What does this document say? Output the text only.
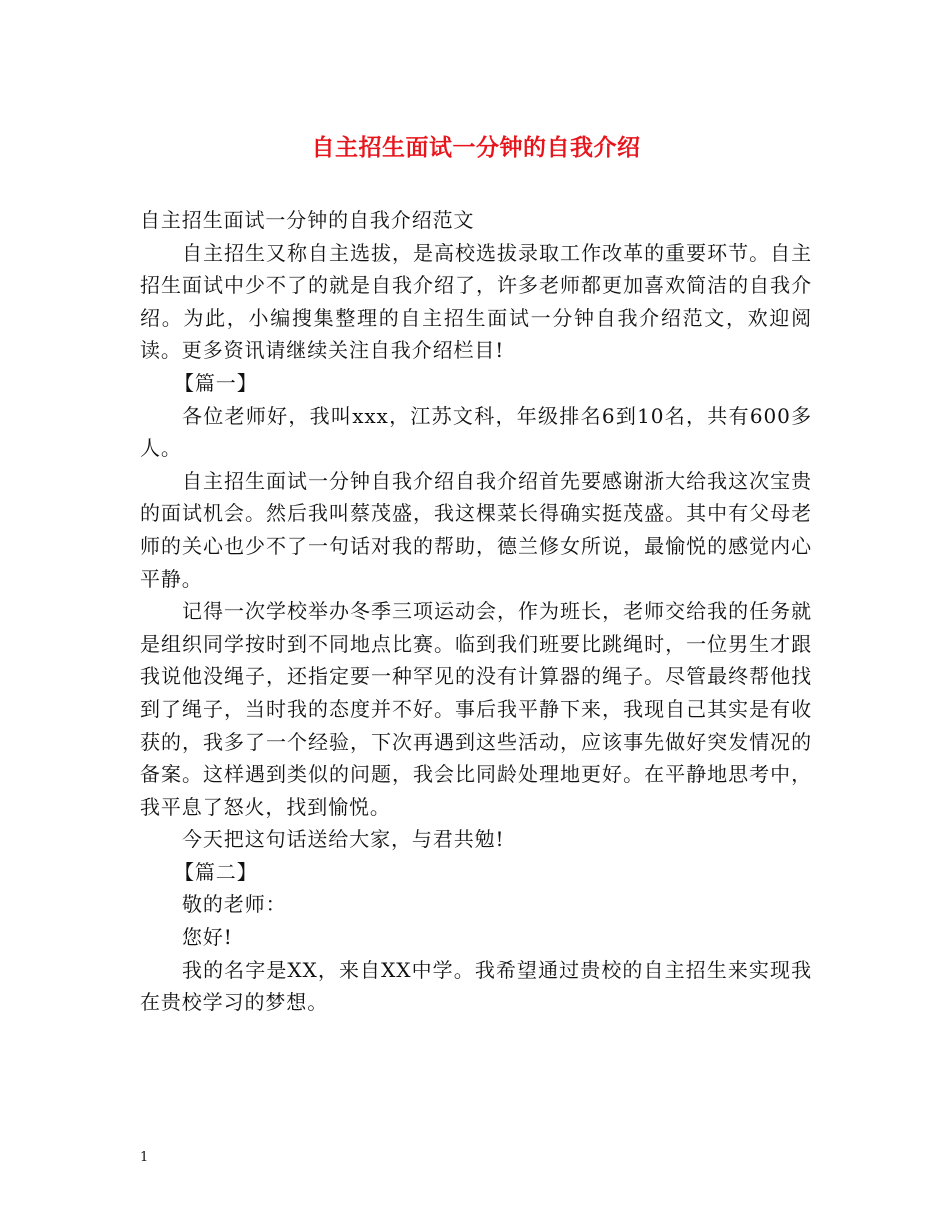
自主招生面试一分钟的自我介绍

自主招生面试一分钟的自我介绍范文

自主招生又称自主选拔，是高校选拔录取工作改革的重要环节。自主招生面试中少不了的就是自我介绍了，许多老师都更加喜欢简洁的自我介绍。为此，小编搜集整理的自主招生面试一分钟自我介绍范文，欢迎阅读。更多资讯请继续关注自我介绍栏目!

【篇一】

各位老师好，我叫xxx，江苏文科，年级排名6到10名，共有600多人。

自主招生面试一分钟自我介绍自我介绍首先要感谢浙大给我这次宝贵的面试机会。然后我叫蔡茂盛，我这棵菜长得确实挺茂盛。其中有父母老师的关心也少不了一句话对我的帮助，德兰修女所说，最愉悦的感觉内心平静。

记得一次学校举办冬季三项运动会，作为班长，老师交给我的任务就是组织同学按时到不同地点比赛。临到我们班要比跳绳时，一位男生才跟我说他没绳子，还指定要一种罕见的没有计算器的绳子。尽管最终帮他找到了绳子，当时我的态度并不好。事后我平静下来，我现自己其实是有收获的，我多了一个经验，下次再遇到这些活动，应该事先做好突发情况的备案。这样遇到类似的问题，我会比同龄处理地更好。在平静地思考中，我平息了怒火，找到愉悦。

今天把这句话送给大家，与君共勉!

【篇二】

敬的老师：

您好!

我的名字是XX，来自XX中学。我希望通过贵校的自主招生来实现我在贵校学习的梦想。

1
